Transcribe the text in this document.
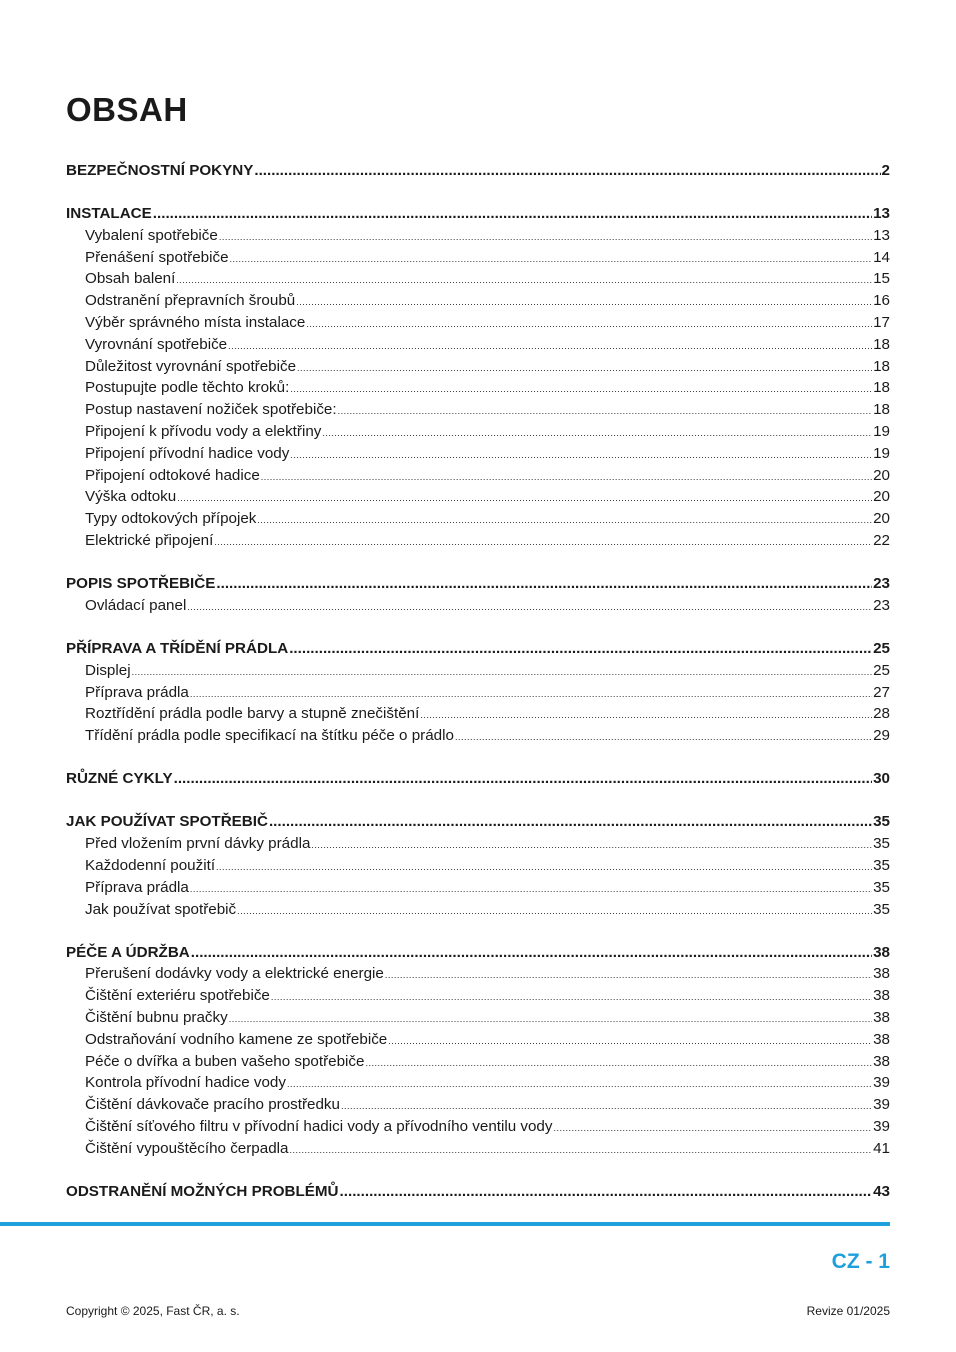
OBSAH
BEZPEČNOSTNÍ POKYNY .....	2
INSTALACE .....	13
Vybalení spotřebiče .....	13
Přenášení spotřebiče .....	14
Obsah balení .....	15
Odstranění přepravních šroubů .....	16
Výběr správného místa instalace .....	17
Vyrovnání spotřebiče .....	18
Důležitost vyrovnání spotřebiče .....	18
Postupujte podle těchto kroků: .....	18
Postup nastavení nožiček spotřebiče: .....	18
Připojení k přívodu vody a elektřiny .....	19
Připojení přívodní hadice vody .....	19
Připojení odtokové hadice .....	20
Výška odtoku .....	20
Typy odtokových přípojek .....	20
Elektrické připojení .....	22
POPIS SPOTŘEBIČE .....	23
Ovládací panel .....	23
PŘÍPRAVA A TŘÍDĚNÍ PRÁDLA .....	25
Displej .....	25
Příprava prádla .....	27
Roztřídění prádla podle barvy a stupně znečištění .....	28
Třídění prádla podle specifikací na štítku péče o prádlo .....	29
RŮZNÉ CYKLY .....	30
JAK POUŽÍVAT SPOTŘEBIČ .....	35
Před vložením první dávky prádla .....	35
Každodenní použití .....	35
Příprava prádla .....	35
Jak používat spotřebič .....	35
PÉČE A ÚDRŽBA .....	38
Přerušení dodávky vody a elektrické energie .....	38
Čištění exteriéru spotřebiče .....	38
Čištění bubnu pračky .....	38
Odstraňování vodního kamene ze spotřebiče .....	38
Péče o dvířka a buben vašeho spotřebiče .....	38
Kontrola přívodní hadice vody .....	39
Čištění dávkovače pracího prostředku .....	39
Čištění síťového filtru v přívodní hadici vody a přívodního ventilu vody .....	39
Čištění vypouštěcího čerpadla .....	41
ODSTRANĚNÍ MOŽNÝCH PROBLÉMŮ .....	43
CZ - 1
Copyright © 2025, Fast ČR, a. s.	Revize 01/2025
